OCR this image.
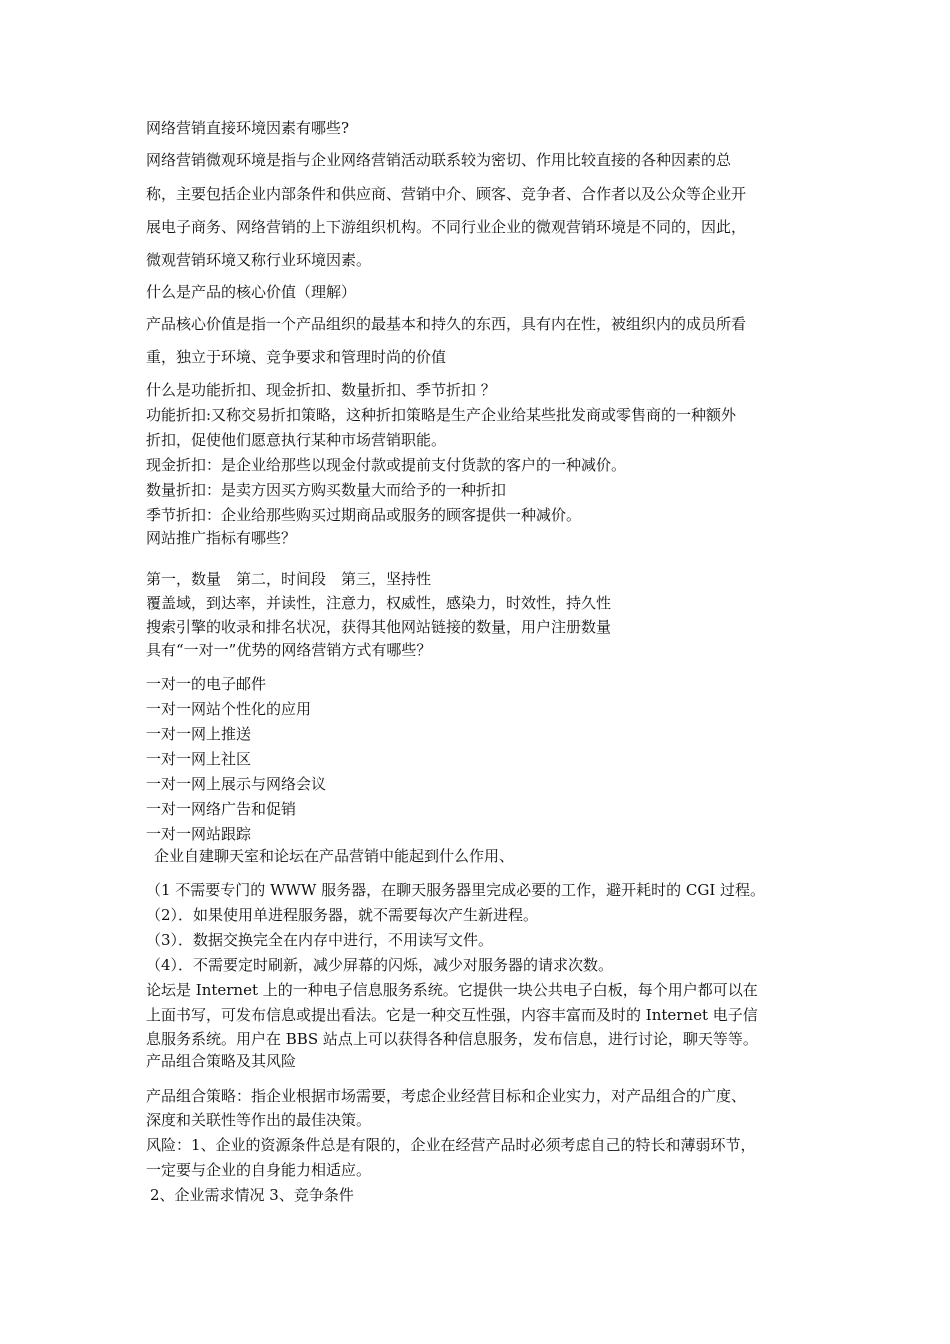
网络营销直接环境因素有哪些?
网络营销微观环境是指与企业网络营销活动联系较为密切、作用比较直接的各种因素的总
称，主要包括企业内部条件和供应商、营销中介、顾客、竞争者、合作者以及公众等企业开
展电子商务、网络营销的上下游组织机构。不同行业企业的微观营销环境是不同的，因此，
微观营销环境又称行业环境因素。
什么是产品的核心价值（理解）
产品核心价值是指一个产品组织的最基本和持久的东西，具有内在性，被组织内的成员所看
重，独立于环境、竞争要求和管理时尚的价值
什么是功能折扣、现金折扣、数量折扣、季节折扣 ？
功能折扣:又称交易折扣策略，这种折扣策略是生产企业给某些批发商或零售商的一种额外
折扣，促使他们愿意执行某种市场营销职能。
现金折扣：是企业给那些以现金付款或提前支付货款的客户的一种减价。
数量折扣：是卖方因买方购买数量大而给予的一种折扣
季节折扣：企业给那些购买过期商品或服务的顾客提供一种减价。
网站推广指标有哪些？
第一，数量　第二，时间段　第三，坚持性
覆盖域，到达率，并读性，注意力，权威性，感染力，时效性，持久性
搜索引擎的收录和排名状况，获得其他网站链接的数量，用户注册数量
具有“一对一”优势的网络营销方式有哪些？
一对一的电子邮件
一对一网站个性化的应用
一对一网上推送
一对一网上社区
一对一网上展示与网络会议
一对一网络广告和促销
一对一网站跟踪
企业自建聊天室和论坛在产品营销中能起到什么作用、
（1 不需要专门的 WWW 服务器，在聊天服务器里完成必要的工作，避开耗时的 CGI 过程。
（2）．如果使用单进程服务器，就不需要每次产生新进程。
（3）．数据交换完全在内存中进行，不用读写文件。
（4）．不需要定时刷新，减少屏幕的闪烁，减少对服务器的请求次数。
论坛是 Internet 上的一种电子信息服务系统。它提供一块公共电子白板，每个用户都可以在
上面书写，可发布信息或提出看法。它是一种交互性强，内容丰富而及时的 Internet 电子信
息服务系统。用户在 BBS 站点上可以获得各种信息服务，发布信息，进行讨论，聊天等等。
产品组合策略及其风险
产品组合策略：指企业根据市场需要，考虑企业经营目标和企业实力，对产品组合的广度、
深度和关联性等作出的最佳决策。
风险：1、企业的资源条件总是有限的，企业在经营产品时必须考虑自己的特长和薄弱环节，
一定要与企业的自身能力相适应。
2、企业需求情况 3、竞争条件
